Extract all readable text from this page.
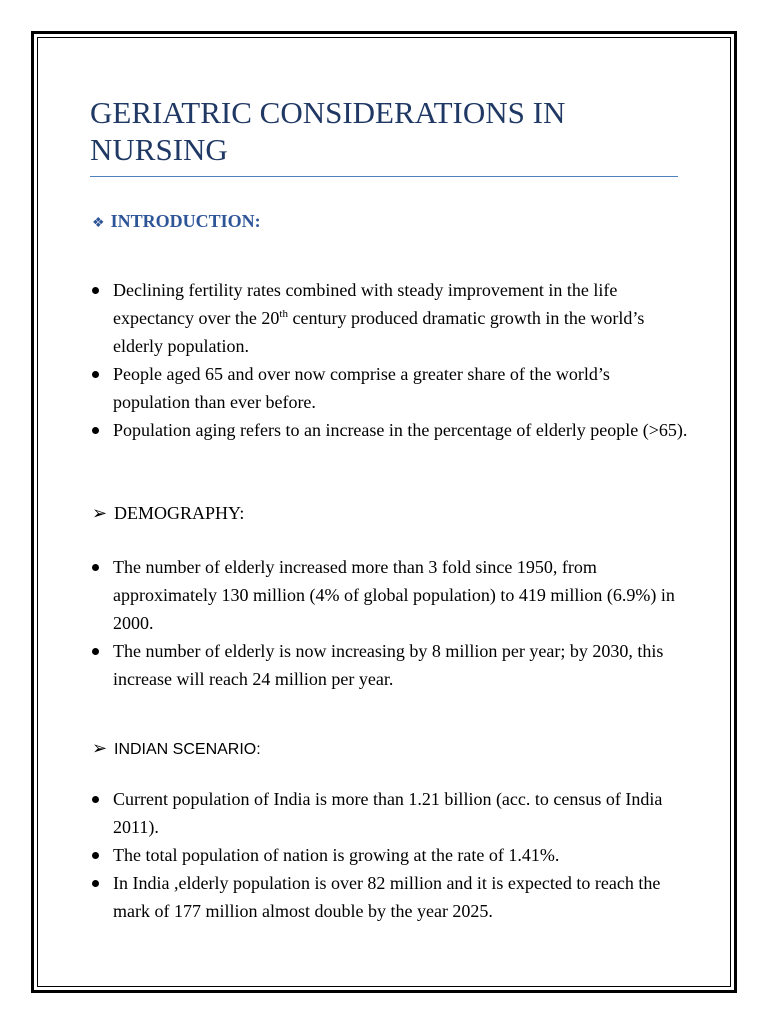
GERIATRIC CONSIDERATIONS IN NURSING
❖ INTRODUCTION:
Declining fertility rates combined with steady improvement in the life expectancy over the 20th century produced dramatic growth in the world’s elderly population.
People aged 65 and over now comprise a greater share of the world’s population than ever before.
Population aging refers to an increase in the percentage of elderly people (>65).
➢ DEMOGRAPHY:
The number of elderly increased more than 3 fold since 1950, from approximately 130 million (4% of global population) to 419 million (6.9%) in 2000.
The number of elderly is now increasing by 8 million per year; by 2030, this increase will reach 24 million per year.
➢ INDIAN SCENARIO:
Current population of India is more than 1.21 billion (acc. to census of India 2011).
The total population of nation is growing at the rate of 1.41%.
In India ,elderly population is over 82 million and it is expected to reach the mark of 177 million almost double by the year 2025.
